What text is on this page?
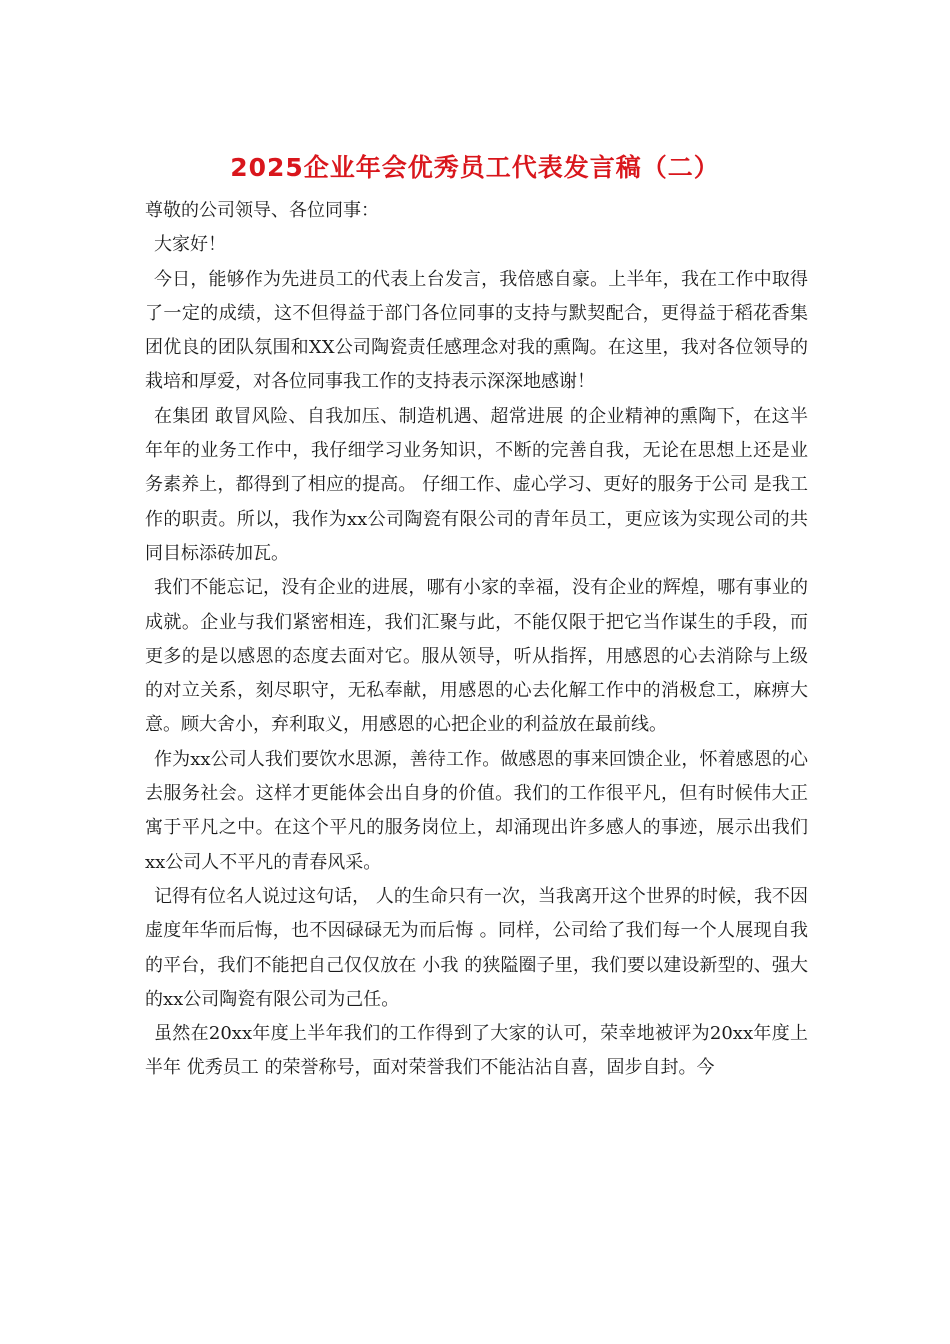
2025企业年会优秀员工代表发言稿（二）

尊敬的公司领导、各位同事：

大家好！

今日，能够作为先进员工的代表上台发言，我倍感自豪。上半年，我在工作中取得了一定的成绩，这不但得益于部门各位同事的支持与默契配合，更得益于稻花香集团优良的团队氛围和XX公司陶瓷责任感理念对我的熏陶。在这里，我对各位领导的栽培和厚爱，对各位同事我工作的支持表示深深地感谢！

在集团 敢冒风险、自我加压、制造机遇、超常进展 的企业精神的熏陶下，在这半年年的业务工作中，我仔细学习业务知识，不断的完善自我，无论在思想上还是业务素养上，都得到了相应的提高。 仔细工作、虚心学习、更好的服务于公司 是我工作的职责。所以，我作为xx公司陶瓷有限公司的青年员工，更应该为实现公司的共同目标添砖加瓦。

我们不能忘记，没有企业的进展，哪有小家的幸福，没有企业的辉煌，哪有事业的成就。企业与我们紧密相连，我们汇聚与此，不能仅限于把它当作谋生的手段，而更多的是以感恩的态度去面对它。服从领导，听从指挥，用感恩的心去消除与上级的对立关系，刻尽职守，无私奉献，用感恩的心去化解工作中的消极怠工，麻痹大意。顾大舍小，弃利取义，用感恩的心把企业的利益放在最前线。

作为xx公司人我们要饮水思源，善待工作。做感恩的事来回馈企业，怀着感恩的心去服务社会。这样才更能体会出自身的价值。我们的工作很平凡，但有时候伟大正寓于平凡之中。在这个平凡的服务岗位上，却涌现出许多感人的事迹，展示出我们xx公司人不平凡的青春风采。

记得有位名人说过这句话， 人的生命只有一次，当我离开这个世界的时候，我不因虚度年华而后悔，也不因碌碌无为而后悔 。同样，公司给了我们每一个人展现自我的平台，我们不能把自己仅仅放在 小我 的狭隘圈子里，我们要以建设新型的、强大的xx公司陶瓷有限公司为己任。

虽然在20xx年度上半年我们的工作得到了大家的认可，荣幸地被评为20xx年度上半年 优秀员工 的荣誉称号，面对荣誉我们不能沾沾自喜，固步自封。今
